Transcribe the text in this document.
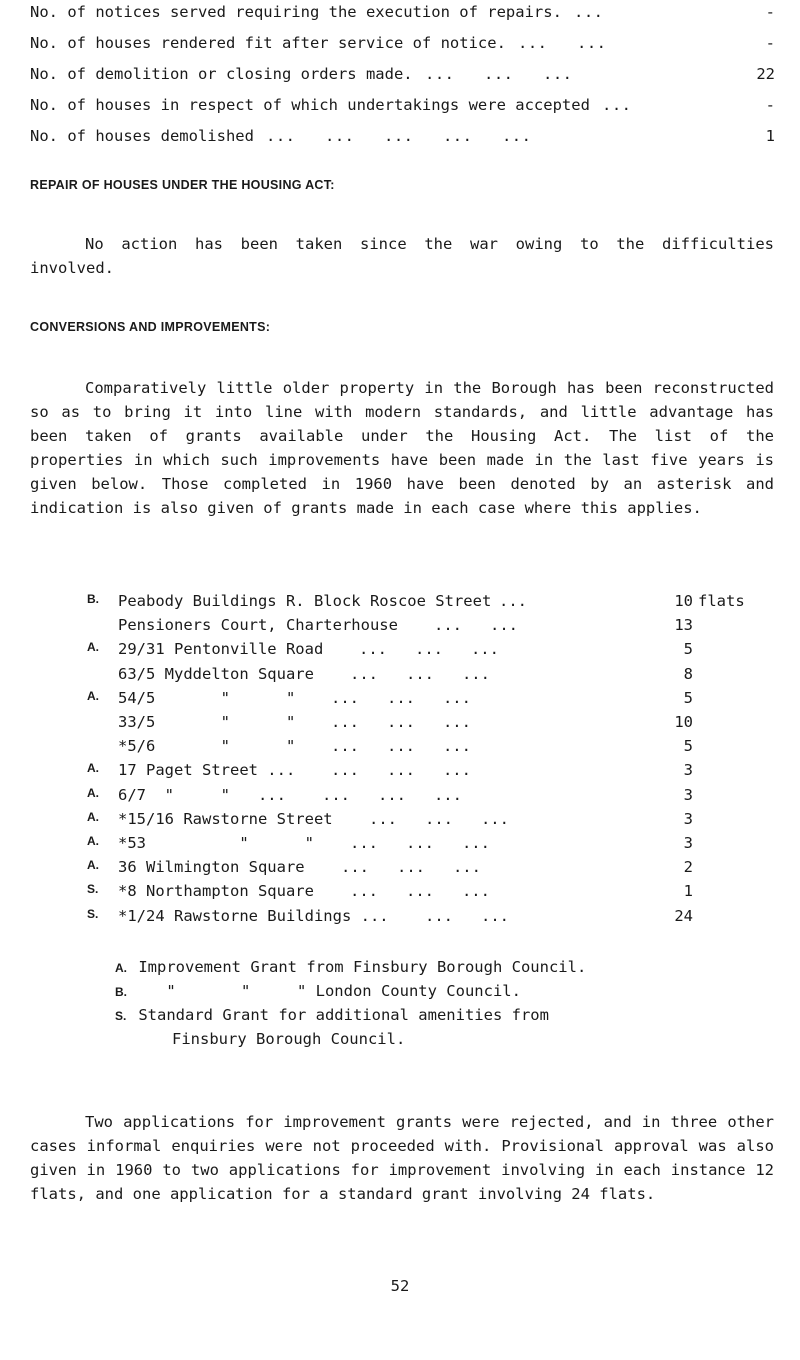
No. of notices served requiring the execution of repairs.	-
...
No. of houses rendered fit after service of notice.	-
...   ...
No. of demolition or closing orders made.	22
...   ...   ...
No. of houses in respect of which undertakings were accepted	-
...
No. of houses demolished	1
...   ...   ...   ...   ...
REPAIR OF HOUSES UNDER THE HOUSING ACT:

No action has been taken since the war owing to the difficulties involved.

CONVERSIONS AND IMPROVEMENTS:

Comparatively little older property in the Borough has been reconstructed so as to bring it into line with modern standards, and little advantage has been taken of grants available under the Housing Act. The list of the properties in which such improvements have been made in the last five years is given below. Those completed in 1960 have been denoted by an asterisk and indication is also given of grants made in each case where this applies.

B. Peabody Buildings R. Block Roscoe Street	10 flats
...
Pensioners Court, Charterhouse	13
...   ...
A. 29/31 Pentonville Road	5
...   ...   ...
63/5 Myddelton Square	8
...   ...   ...
A. 54/5       "      "	5
...   ...   ...
33/5       "      "	10
...   ...   ...
*5/6       "      "	5
...   ...   ...
A. 17 Paget Street ...	3
...   ...   ...
A. 6/7  "     "   ...	3
...   ...   ...
A. *15/16 Rawstorne Street	3
...   ...   ...
A. *53          "      "	3
...   ...   ...
A. 36 Wilmington Square	2
...   ...   ...
S. *8 Northampton Square	1
...   ...   ...
S. *1/24 Rawstorne Buildings ...	24
...   ...
A. Improvement Grant from Finsbury Borough Council.
B.    "       "     " London County Council.
S. Standard Grant for additional amenities from
Finsbury Borough Council.

Two applications for improvement grants were rejected, and in three other cases informal enquiries were not proceeded with. Provisional approval was also given in 1960 to two applications for improvement involving in each instance 12 flats, and one application for a standard grant involving 24 flats.

52
